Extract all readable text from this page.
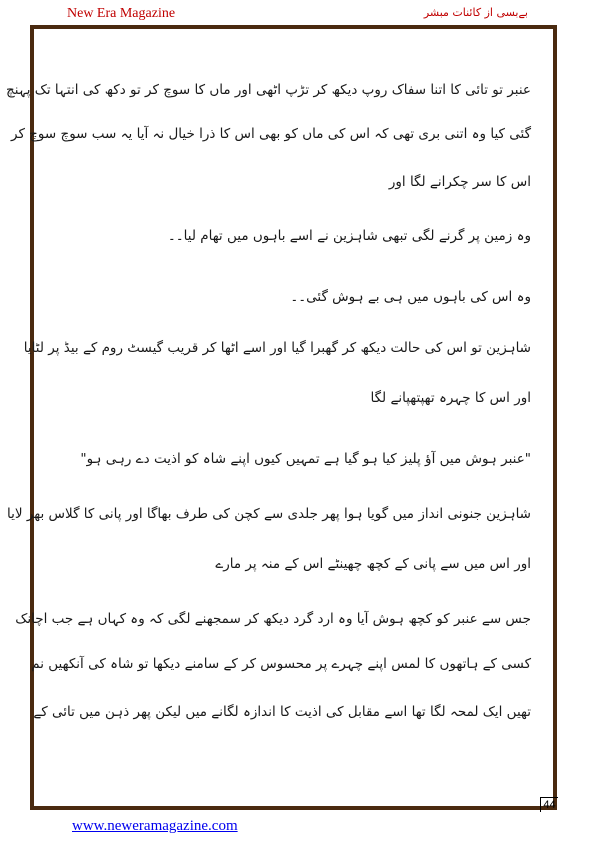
New Era Magazine	بےبسی از کائنات مبشر

عنبر تو تائی کا اتنا سفاک روپ دیکھ کر تڑپ اٹھی اور ماں کا سوچ کر تو دکھ کی انتہا تک پہنچ

گئی کیا وہ اتنی بری تھی کہ اس کی ماں کو بھی اس کا ذرا خیال نہ آیا یہ سب سوچ سوچ کر

اس کا سر چکرانے لگا اور

وہ زمین پر گرنے لگی تبھی شاہزین نے اسے باہوں میں تھام لیا۔۔

وہ اس کی باہوں میں ہی بے ہوش گئی۔۔

شاہزین تو اس کی حالت دیکھ کر گھبرا گیا اور اسے اٹھا کر قریب گیسٹ روم کے بیڈ پر لٹایا

اور اس کا چہرہ تھپتھپانے لگا

"عنبر ہوش میں آؤ پلیز کیا ہو گیا ہے تمہیں کیوں اپنے شاہ کو اذیت دے رہی ہو"

شاہزین جنونی انداز میں گویا ہوا پھر جلدی سے کچن کی طرف بھاگا اور پانی کا گلاس بھر لایا

اور اس میں سے پانی کے کچھ چھینٹے اس کے منہ پر مارے

جس سے عنبر کو کچھ ہوش آیا وہ ارد گرد دیکھ کر سمجھنے لگی کہ وہ کہاں ہے جب اچانک

کسی کے ہاتھوں کا لمس اپنے چہرے پر محسوس کر کے سامنے دیکھا تو شاہ کی آنکھیں نم

تھیں ایک لمحہ لگا تھا اسے مقابل کی اذیت کا اندازہ لگانے میں لیکن پھر ذہن میں تائی کے

44
www.neweramagazine.com
